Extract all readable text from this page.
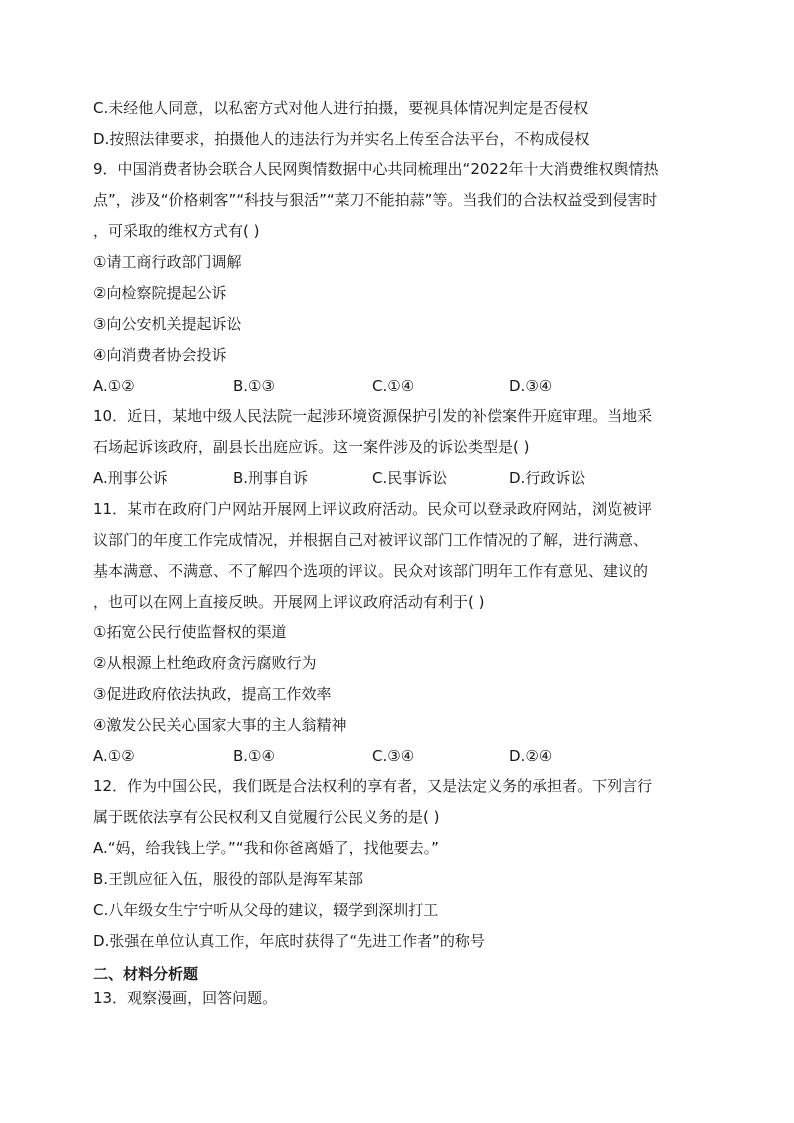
C.未经他人同意，以私密方式对他人进行拍摄，要视具体情况判定是否侵权
D.按照法律要求，拍摄他人的违法行为并实名上传至合法平台，不构成侵权
9．中国消费者协会联合人民网舆情数据中心共同梳理出“2022年十大消费维权舆情热
点”，涉及“价格刺客”“科技与狠活”“菜刀不能拍蒜”等。当我们的合法权益受到侵害时
，可采取的维权方式有( )
①请工商行政部门调解
②向检察院提起公诉
③向公安机关提起诉讼
④向消费者协会投诉
A.①②	B.①③	C.①④	D.③④
10．近日，某地中级人民法院一起涉环境资源保护引发的补偿案件开庭审理。当地采
石场起诉该政府，副县长出庭应诉。这一案件涉及的诉讼类型是( )
A.刑事公诉	B.刑事自诉	C.民事诉讼	D.行政诉讼
11．某市在政府门户网站开展网上评议政府活动。民众可以登录政府网站，浏览被评
议部门的年度工作完成情况，并根据自己对被评议部门工作情况的了解，进行满意、
基本满意、不满意、不了解四个选项的评议。民众对该部门明年工作有意见、建议的
，也可以在网上直接反映。开展网上评议政府活动有利于( )
①拓宽公民行使监督权的渠道
②从根源上杜绝政府贪污腐败行为
③促进政府依法执政，提高工作效率
④激发公民关心国家大事的主人翁精神
A.①②	B.①④	C.③④	D.②④
12．作为中国公民，我们既是合法权利的享有者，又是法定义务的承担者。下列言行
属于既依法享有公民权利又自觉履行公民义务的是( )
A.“妈，给我钱上学。”“我和你爸离婚了，找他要去。”
B.王凯应征入伍，服役的部队是海军某部
C.八年级女生宁宁听从父母的建议，辍学到深圳打工
D.张强在单位认真工作，年底时获得了“先进工作者”的称号
二、材料分析题
13．观察漫画，回答问题。
